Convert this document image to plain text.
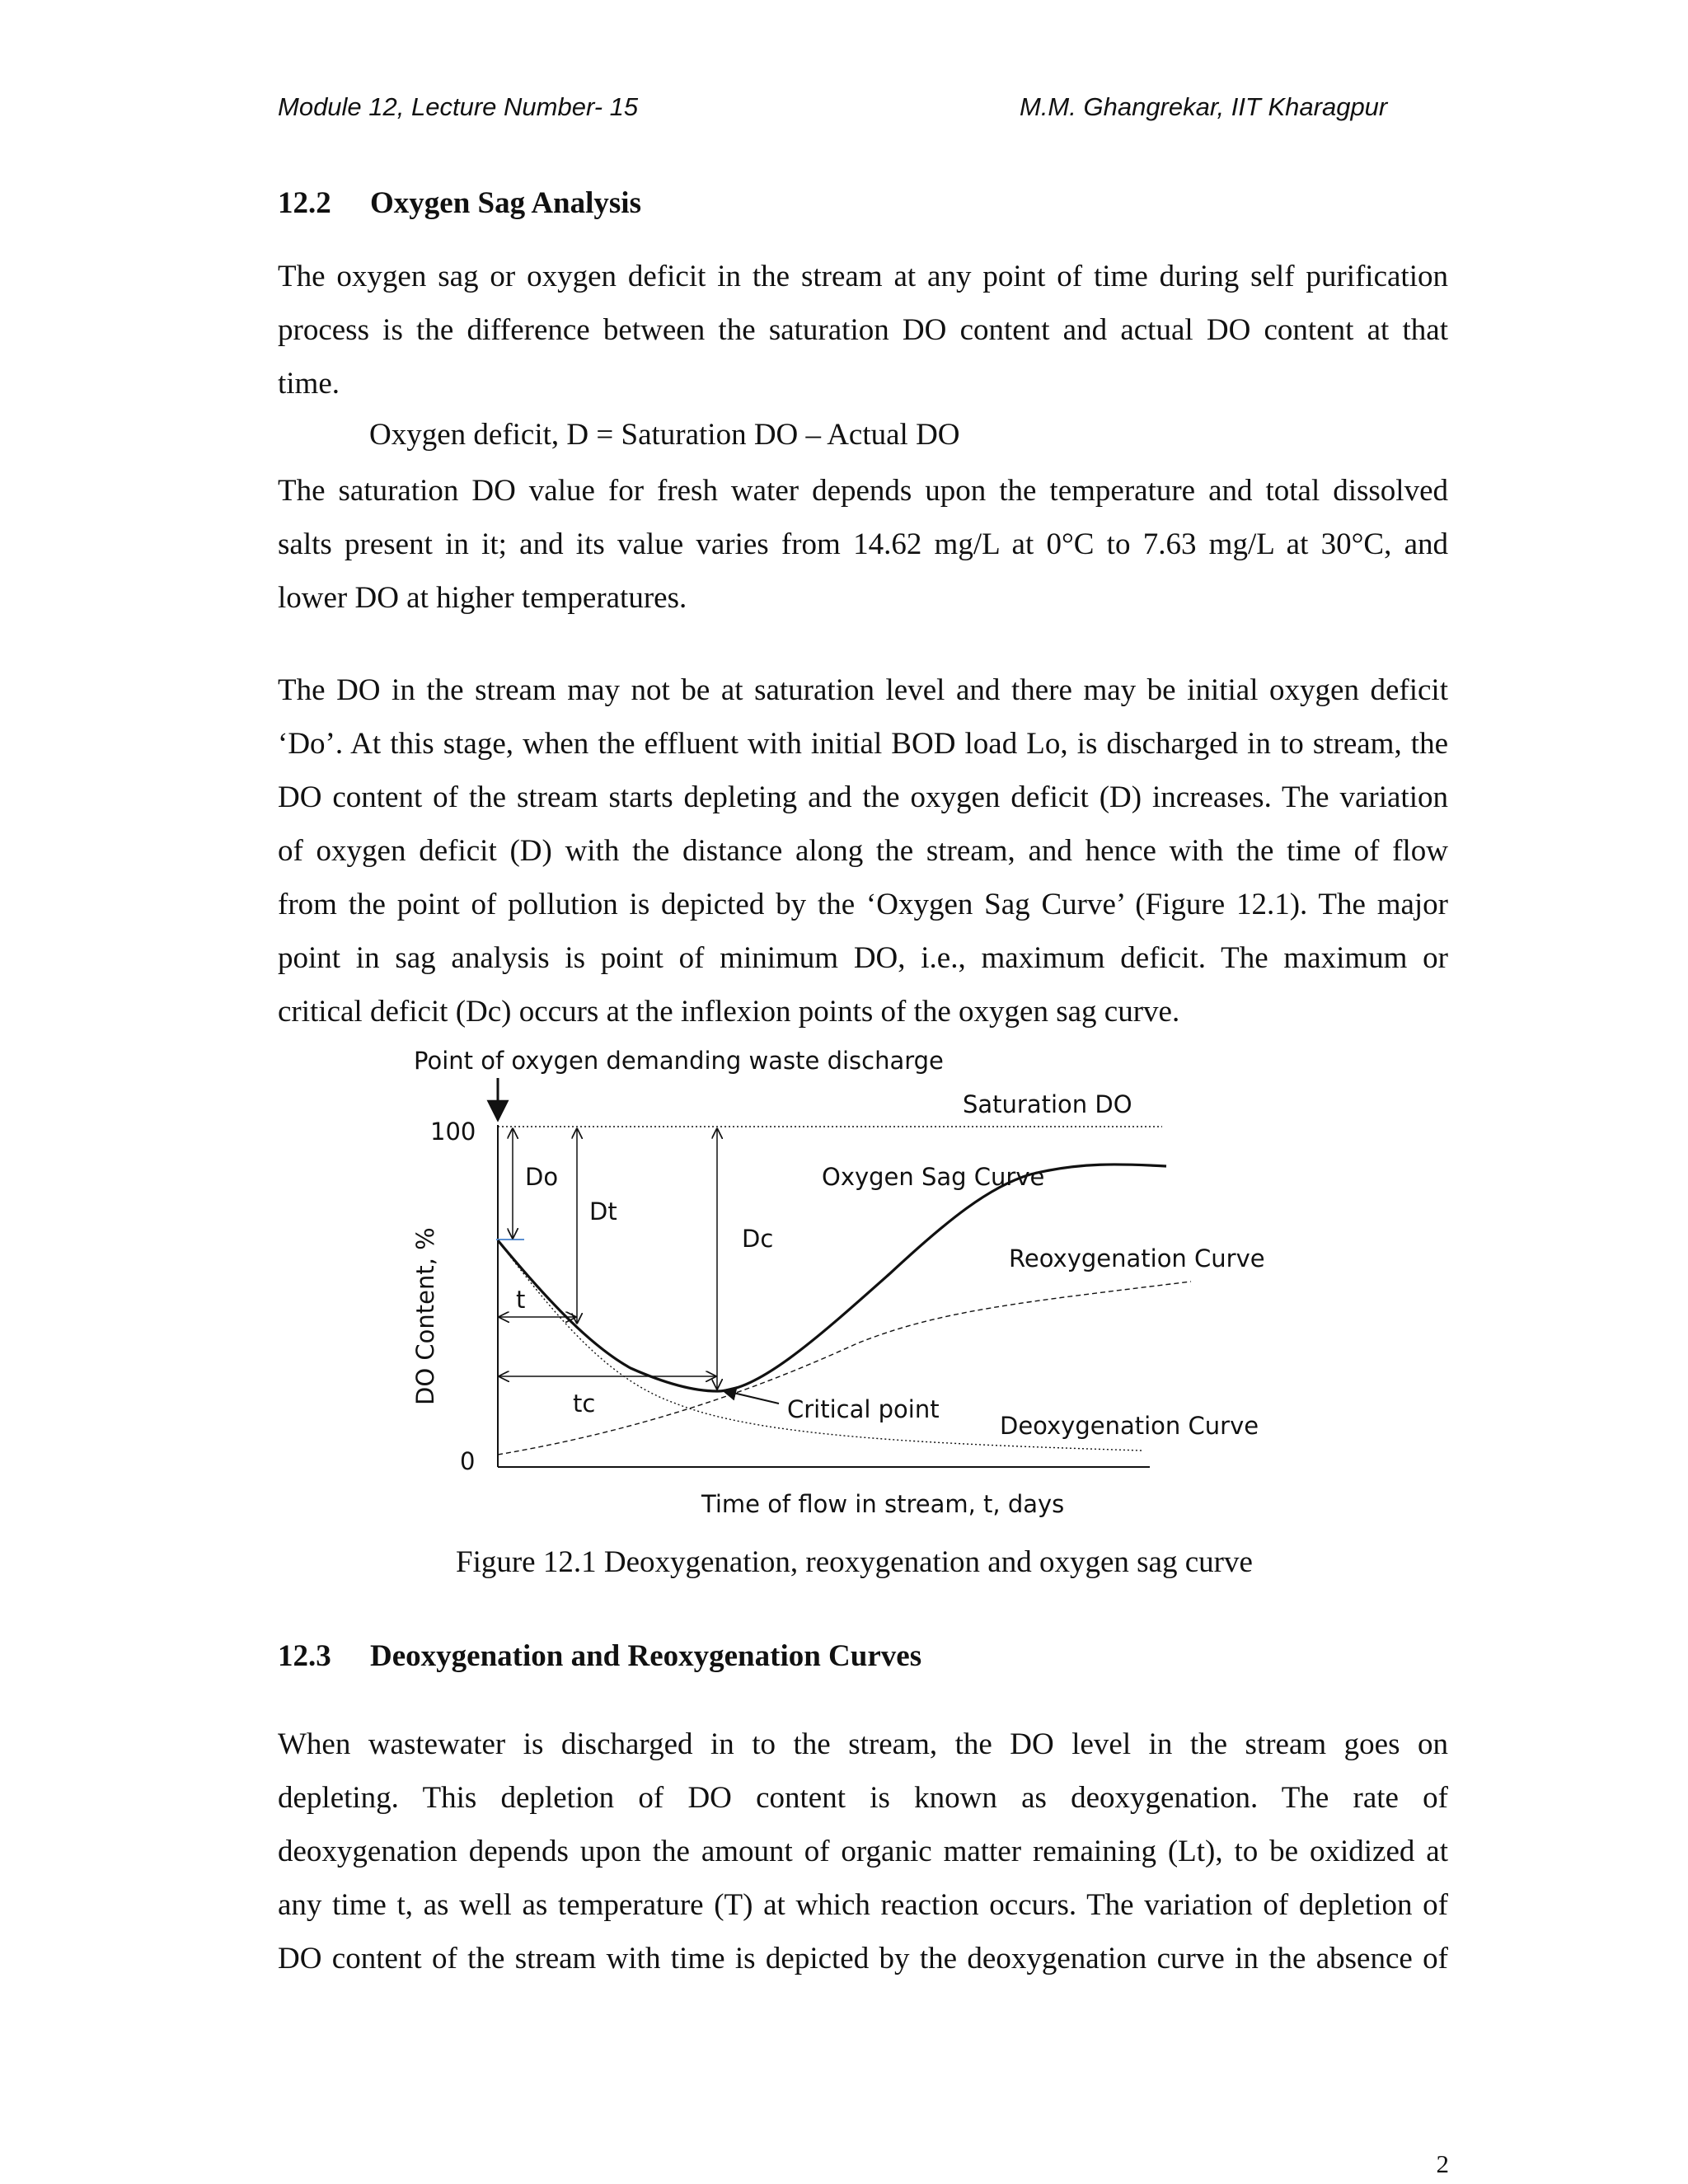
Module 12, Lecture Number- 15	M.M. Ghangrekar, IIT Kharagpur
12.2 Oxygen Sag Analysis
The oxygen sag or oxygen deficit in the stream at any point of time during self purification
process is the difference between the saturation DO content and actual DO content at that
time.
Oxygen deficit, D = Saturation DO – Actual DO
The saturation DO value for fresh water depends upon the temperature and total dissolved
salts present in it; and its value varies from 14.62 mg/L at 0°C to 7.63 mg/L at 30°C, and
lower DO at higher temperatures.
The DO in the stream may not be at saturation level and there may be initial oxygen deficit
‘Do’. At this stage, when the effluent with initial BOD load Lo, is discharged in to stream, the
DO content of the stream starts depleting and the oxygen deficit (D) increases. The variation
of oxygen deficit (D) with the distance along the stream, and hence with the time of flow
from the point of pollution is depicted by the ‘Oxygen Sag Curve’ (Figure 12.1). The major
point in sag analysis is point of minimum DO, i.e., maximum deficit. The maximum or
critical deficit (Dc) occurs at the inflexion points of the oxygen sag curve.
Point of oxygen demanding waste discharge
100
0
DO Content, %
Time of flow in stream, t, days
Saturation DO
Deoxygenation Curve
Reoxygenation Curve
Oxygen Sag Curve
Do
Dt
Dc
t
tc	Critical point
Figure 12.1 Deoxygenation, reoxygenation and oxygen sag curve
12.3 Deoxygenation and Reoxygenation Curves
When wastewater is discharged in to the stream, the DO level in the stream goes on
depleting. This depletion of DO content is known as deoxygenation. The rate of
deoxygenation depends upon the amount of organic matter remaining (Lt), to be oxidized at
any time t, as well as temperature (T) at which reaction occurs. The variation of depletion of
DO content of the stream with time is depicted by the deoxygenation curve in the absence of
2
